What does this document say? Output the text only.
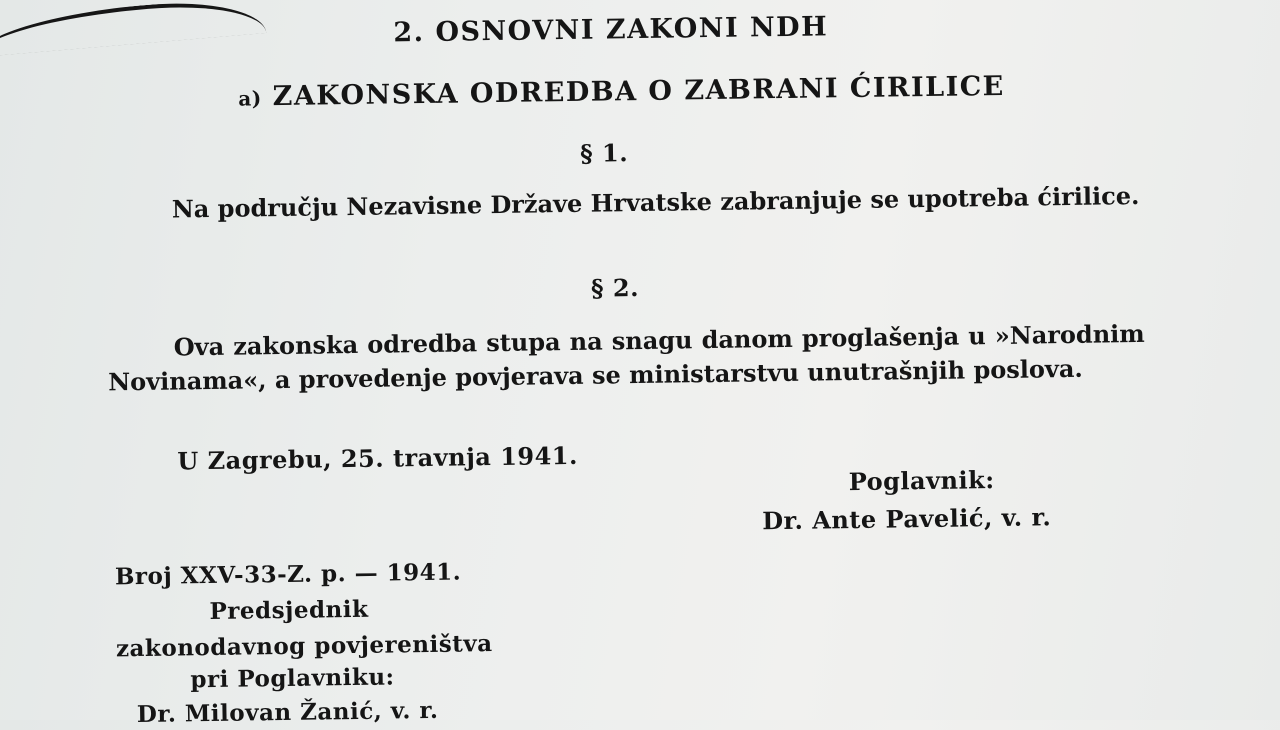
2. OSNOVNI ZAKONI NDH
a) ZAKONSKA ODREDBA O ZABRANI ĆIRILICE
§ 1.
Na području Nezavisne Države Hrvatske zabranjuje se upotreba ćirilice.
§ 2.
Ova zakonska odredba stupa na snagu danom proglašenja u »Narodnim Novinama«, a provedenje povjerava se ministarstvu unutrašnjih poslova.
U Zagrebu, 25. travnja 1941.
Poglavnik:
Dr. Ante Pavelić, v. r.
Broj XXV-33-Z. p. — 1941.
Predsjednik
zakonodavnog povjereništva
pri Poglavniku:
Dr. Milovan Žanić, v. r.
